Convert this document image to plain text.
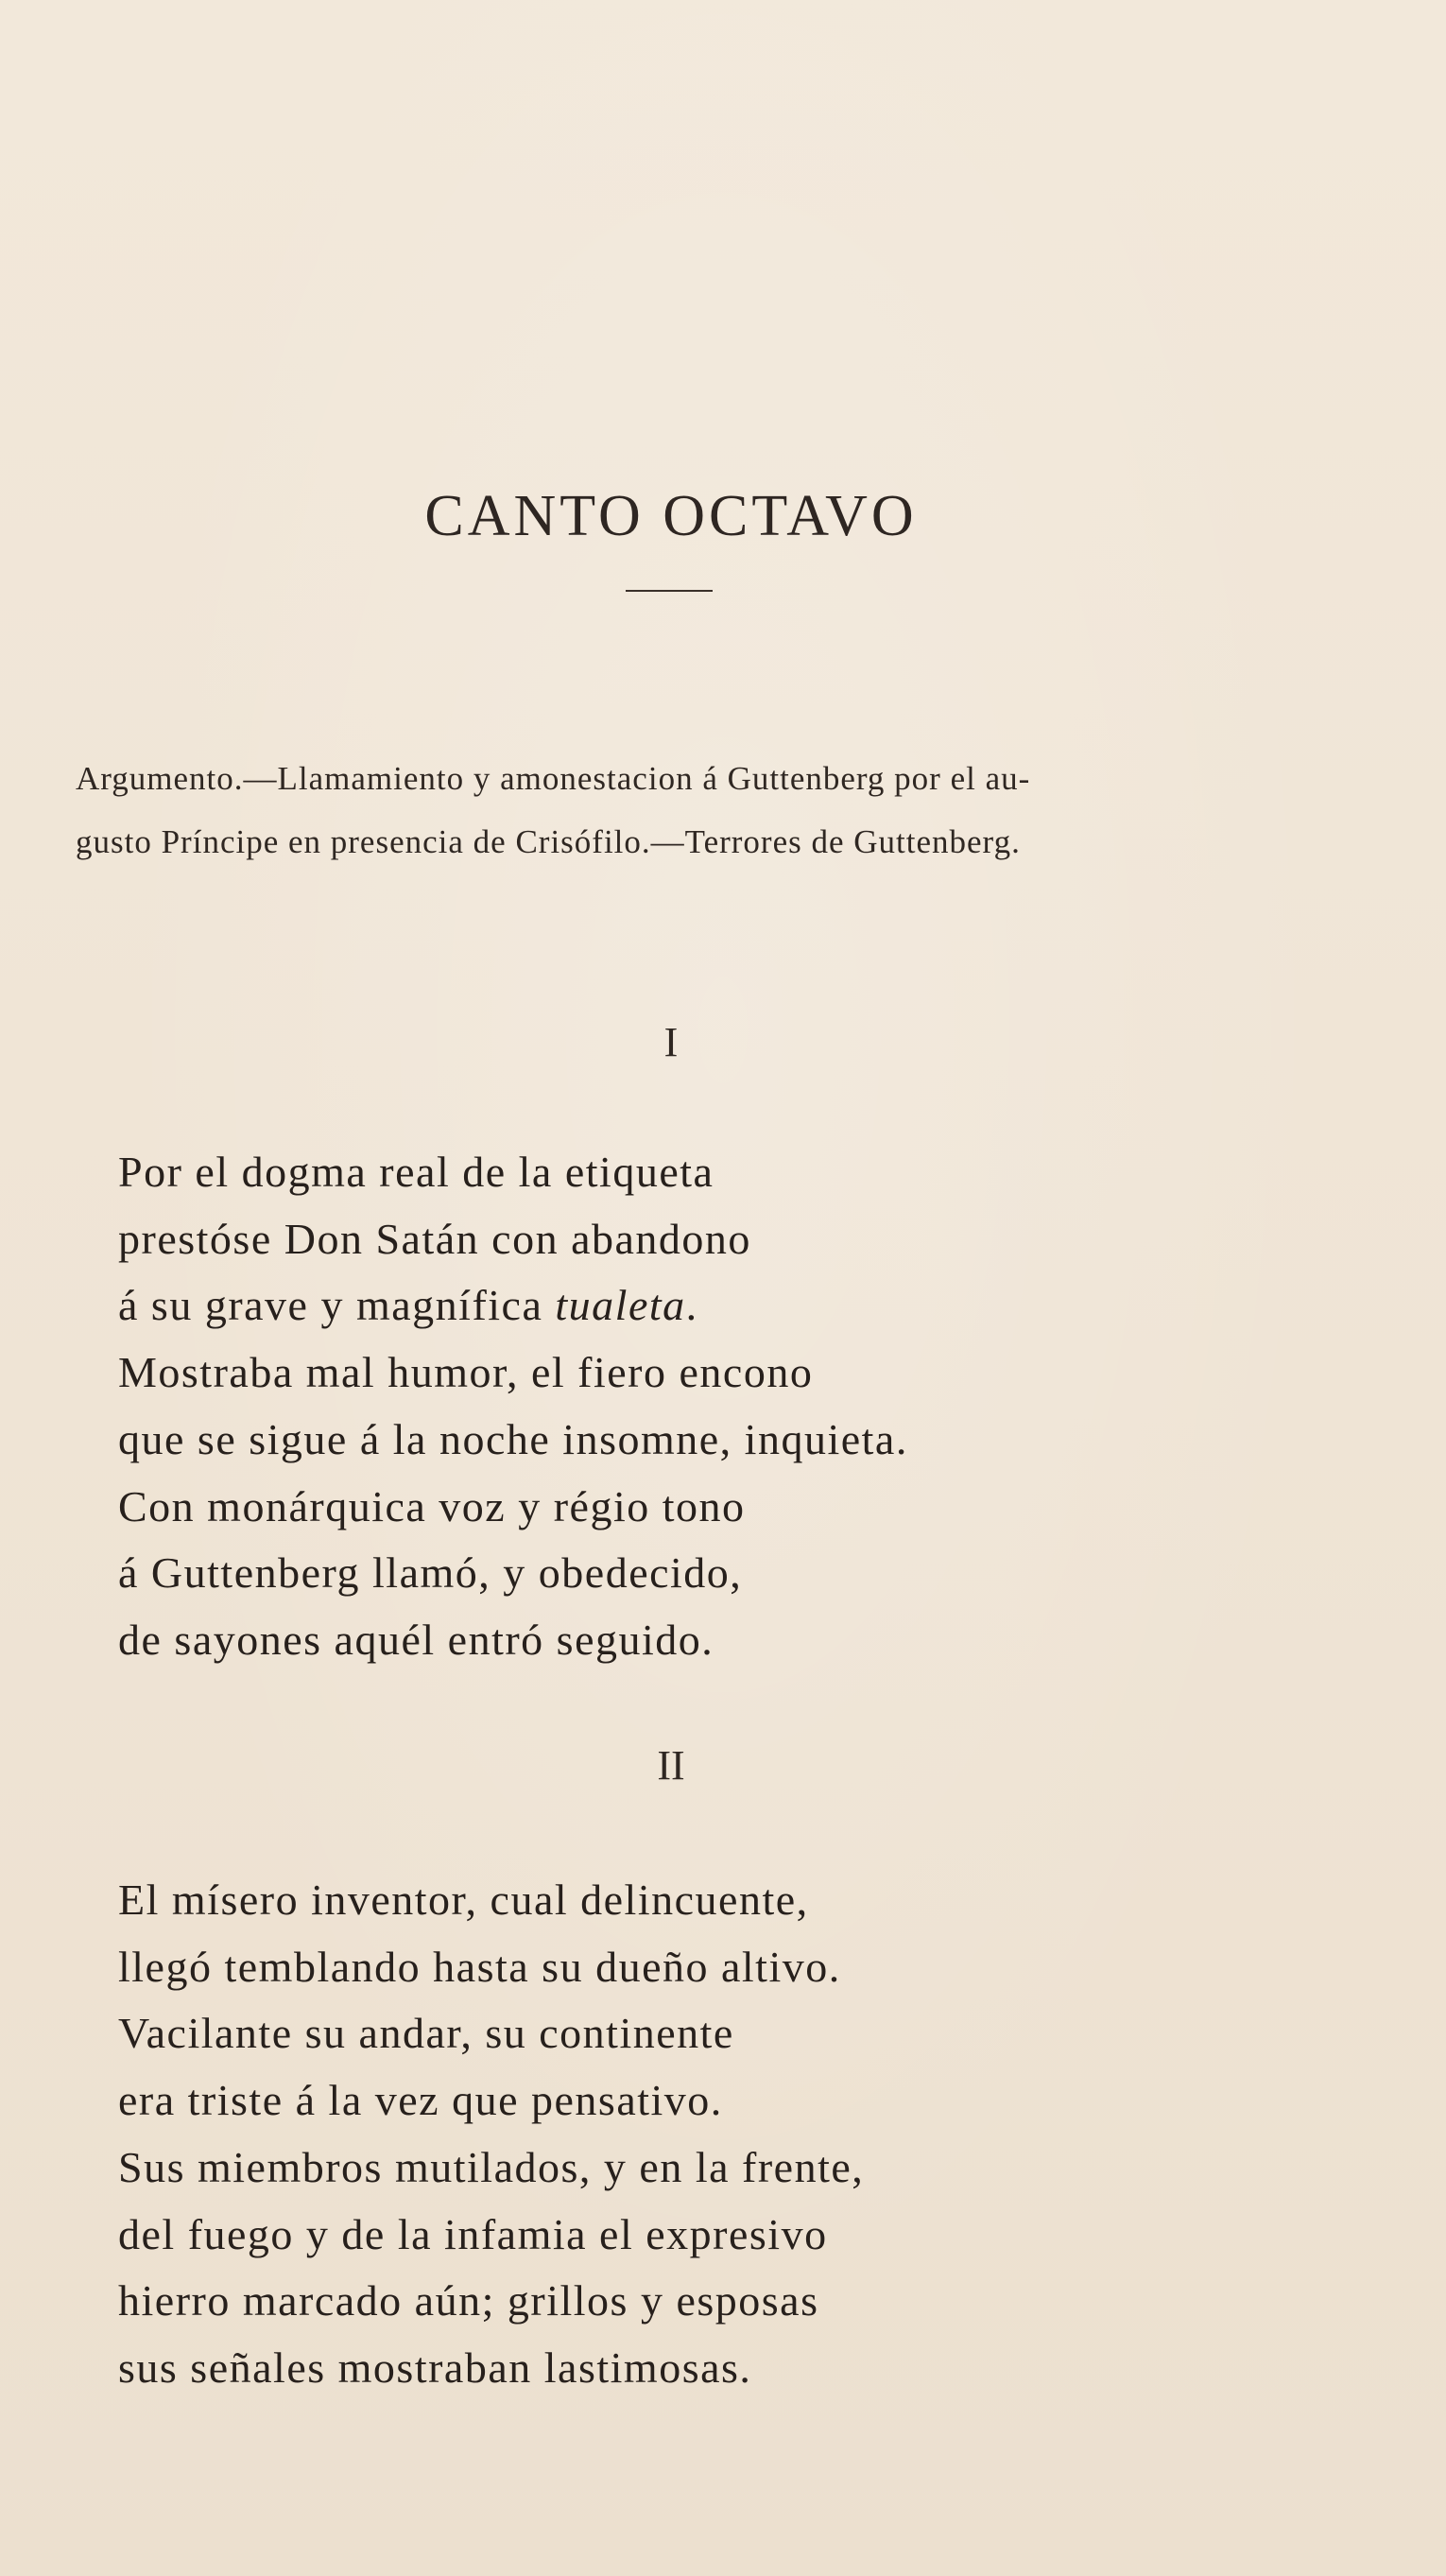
CANTO OCTAVO
Argumento.—Llamamiento y amonestacion á Guttenberg por el au-
gusto Príncipe en presencia de Crisófilo.—Terrores de Guttenberg.
I
Por el dogma real de la etiqueta
prestóse Don Satán con abandono
á su grave y magnífica tualeta.
Mostraba mal humor, el fiero encono
que se sigue á la noche insomne, inquieta.
Con monárquica voz y régio tono
á Guttenberg llamó, y obedecido,
de sayones aquél entró seguido.
II
El mísero inventor, cual delincuente,
llegó temblando hasta su dueño altivo.
Vacilante su andar, su continente
era triste á la vez que pensativo.
Sus miembros mutilados, y en la frente,
del fuego y de la infamia el expresivo
hierro marcado aún; grillos y esposas
sus señales mostraban lastimosas.
